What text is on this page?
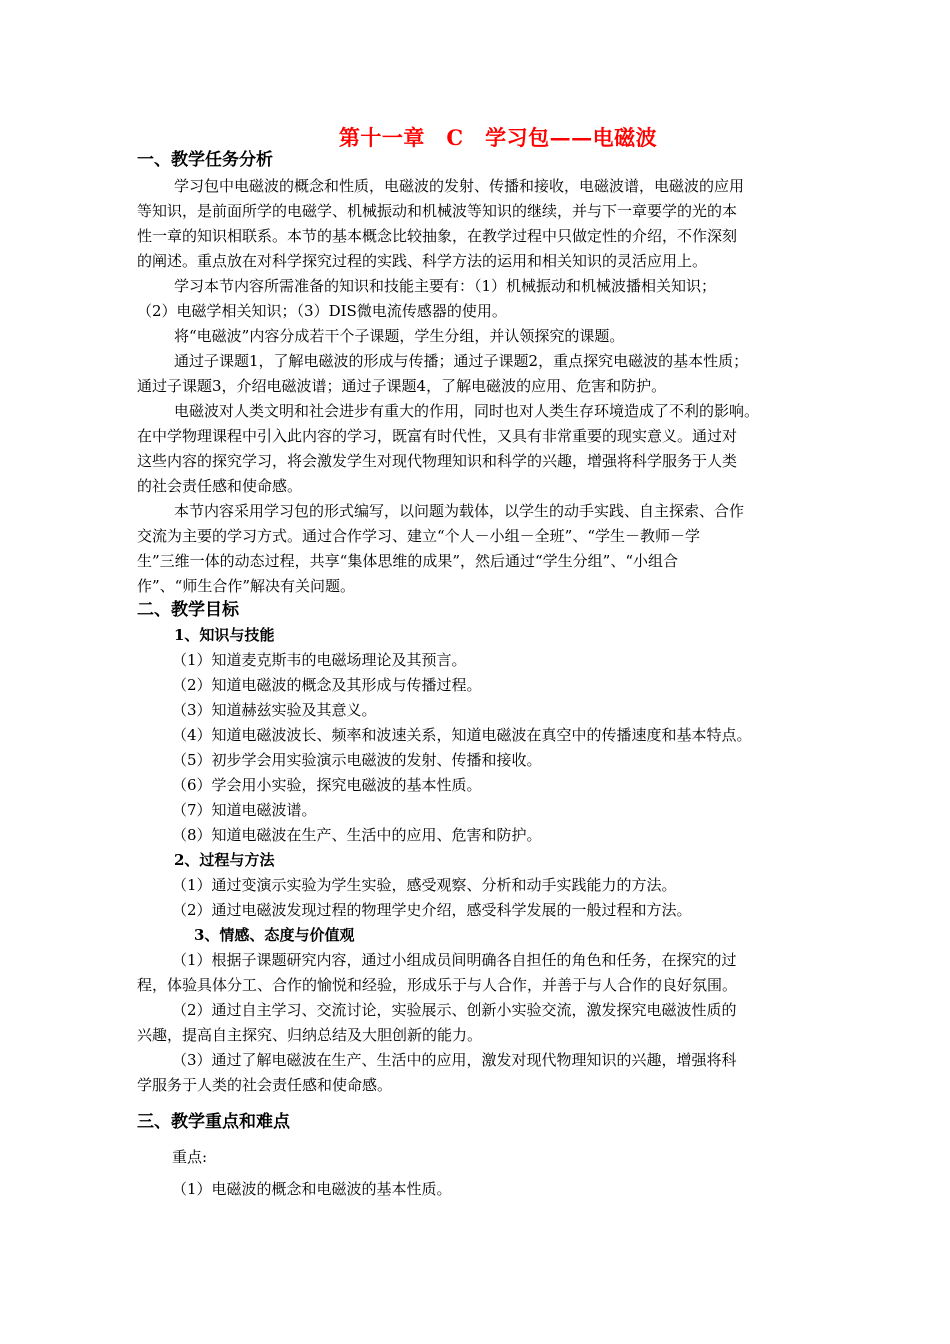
第十一章　C　学习包——电磁波
一、教学任务分析
学习包中电磁波的概念和性质，电磁波的发射、传播和接收，电磁波谱，电磁波的应用
等知识，是前面所学的电磁学、机械振动和机械波等知识的继续，并与下一章要学的光的本
性一章的知识相联系。本节的基本概念比较抽象，在教学过程中只做定性的介绍，不作深刻
的阐述。重点放在对科学探究过程的实践、科学方法的运用和相关知识的灵活应用上。
学习本节内容所需准备的知识和技能主要有：（1）机械振动和机械波播相关知识；
（2）电磁学相关知识；（3）DIS微电流传感器的使用。
将“电磁波”内容分成若干个子课题，学生分组，并认领探究的课题。
通过子课题1，了解电磁波的形成与传播；通过子课题2，重点探究电磁波的基本性质；
通过子课题3，介绍电磁波谱；通过子课题4，了解电磁波的应用、危害和防护。
电磁波对人类文明和社会进步有重大的作用，同时也对人类生存环境造成了不利的影响。
在中学物理课程中引入此内容的学习，既富有时代性，又具有非常重要的现实意义。通过对
这些内容的探究学习，将会激发学生对现代物理知识和科学的兴趣，增强将科学服务于人类
的社会责任感和使命感。
本节内容采用学习包的形式编写，以问题为载体，以学生的动手实践、自主探索、合作
交流为主要的学习方式。通过合作学习、建立“个人－小组－全班”、“学生－教师－学
生”三维一体的动态过程，共享“集体思维的成果”，然后通过“学生分组”、“小组合
作”、“师生合作”解决有关问题。
二、教学目标
1、知识与技能
（1）知道麦克斯韦的电磁场理论及其预言。
（2）知道电磁波的概念及其形成与传播过程。
（3）知道赫兹实验及其意义。
（4）知道电磁波波长、频率和波速关系，知道电磁波在真空中的传播速度和基本特点。
（5）初步学会用实验演示电磁波的发射、传播和接收。
（6）学会用小实验，探究电磁波的基本性质。
（7）知道电磁波谱。
（8）知道电磁波在生产、生活中的应用、危害和防护。
2、过程与方法
（1）通过变演示实验为学生实验，感受观察、分析和动手实践能力的方法。
（2）通过电磁波发现过程的物理学史介绍，感受科学发展的一般过程和方法。
3、情感、态度与价值观
（1）根据子课题研究内容，通过小组成员间明确各自担任的角色和任务，在探究的过
程，体验具体分工、合作的愉悦和经验，形成乐于与人合作，并善于与人合作的良好氛围。
（2）通过自主学习、交流讨论，实验展示、创新小实验交流，激发探究电磁波性质的
兴趣，提高自主探究、归纳总结及大胆创新的能力。
（3）通过了解电磁波在生产、生活中的应用，激发对现代物理知识的兴趣，增强将科
学服务于人类的社会责任感和使命感。
三、教学重点和难点
重点:
（1）电磁波的概念和电磁波的基本性质。
